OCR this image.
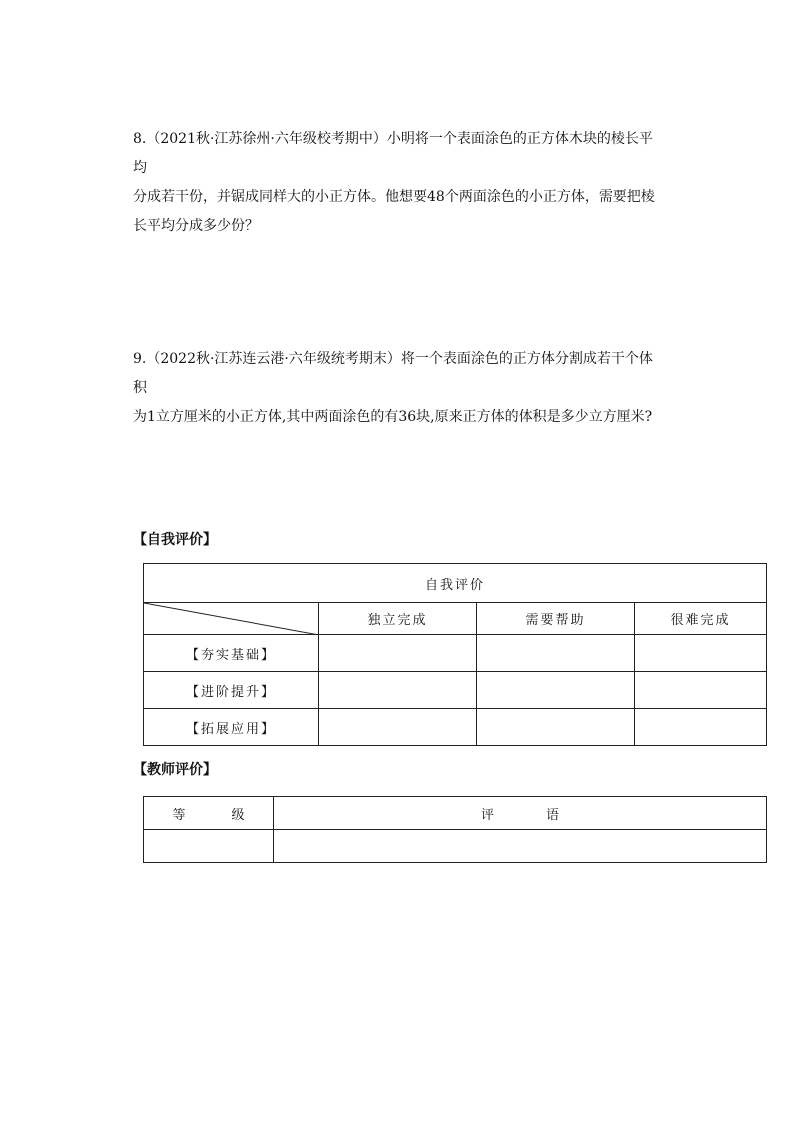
8.（2021秋·江苏徐州·六年级校考期中）小明将一个表面涂色的正方体木块的棱长平均

分成若干份，并锯成同样大的小正方体。他想要48个两面涂色的小正方体，需要把棱

长平均分成多少份？

9.（2022秋·江苏连云港·六年级统考期末）将一个表面涂色的正方体分割成若干个体积

为1立方厘米的小正方体,其中两面涂色的有36块,原来正方体的体积是多少立方厘米?

【自我评价】
自我评价			

	独立完成	需要帮助	很难完成
【夯实基础】			
【进阶提升】			
【拓展应用】			
【教师评价】
等 级	评 语
